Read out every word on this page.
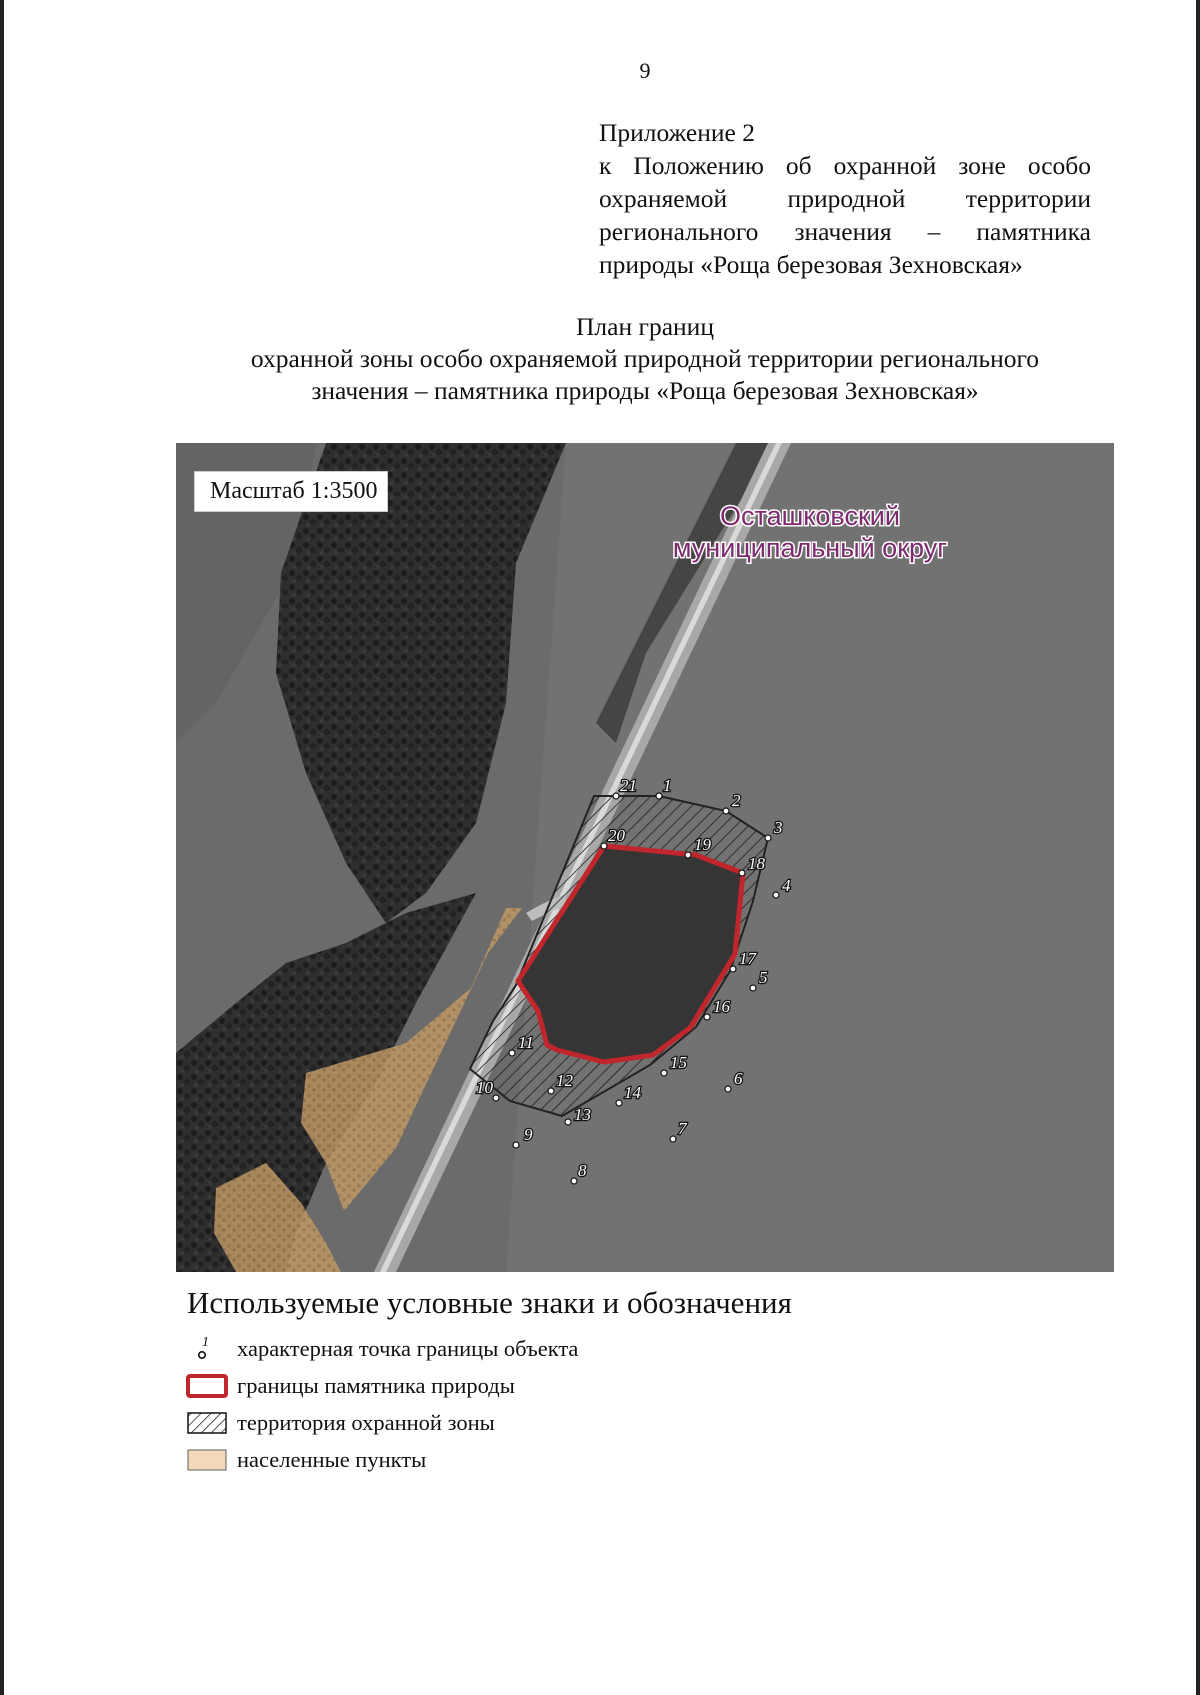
9
Приложение 2
к Положению об охранной зоне особо охраняемой природной территории регионального значения – памятника природы «Роща березовая Зехновская»
План границ
охранной зоны особо охраняемой природной территории регионального
значения – памятника природы «Роща березовая Зехновская»
1
2
3
4
5
6
7
8
9
10
11
12
13
14
15
16
17
18
19
20
21
Осташковский
муниципальный округ
Масштаб 1:3500
Используемые условные знаки и обозначения
1 характерная точка границы объекта
границы памятника природы
территория охранной зоны
населенные пункты
